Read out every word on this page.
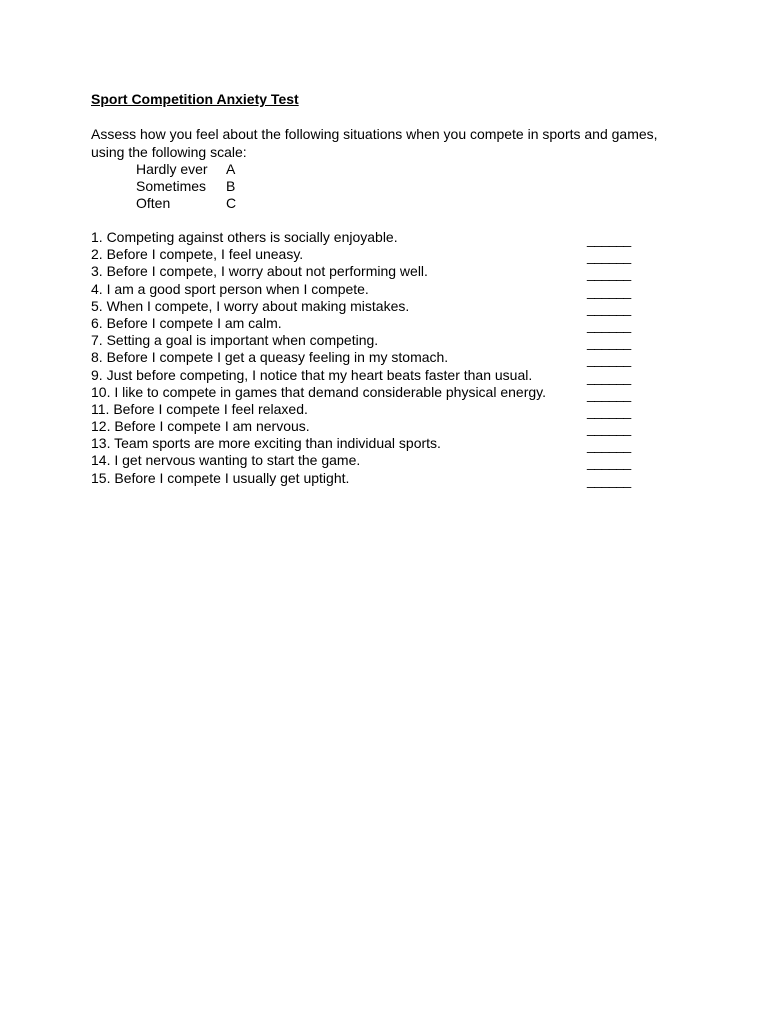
Sport Competition Anxiety Test
Assess how you feel about the following situations when you compete in sports and games, using the following scale:
Hardly ever	A
Sometimes	B
Often	C
1. Competing against others is socially enjoyable.	______
2. Before I compete, I feel uneasy.	______
3. Before I compete, I worry about not performing well.	______
4. I am a good sport person when I compete.	______
5. When I compete, I worry about making mistakes.	______
6. Before I compete I am calm.	______
7. Setting a goal is important when competing.	______
8. Before I compete I get a queasy feeling in my stomach.	______
9. Just before competing, I notice that my heart beats faster than usual.	______
10. I like to compete in games that demand considerable physical energy.	______
11. Before I compete I feel relaxed.	______
12. Before I compete I am nervous.	______
13. Team sports are more exciting than individual sports.	______
14. I get nervous wanting to start the game.	______
15. Before I compete I usually get uptight.	______
